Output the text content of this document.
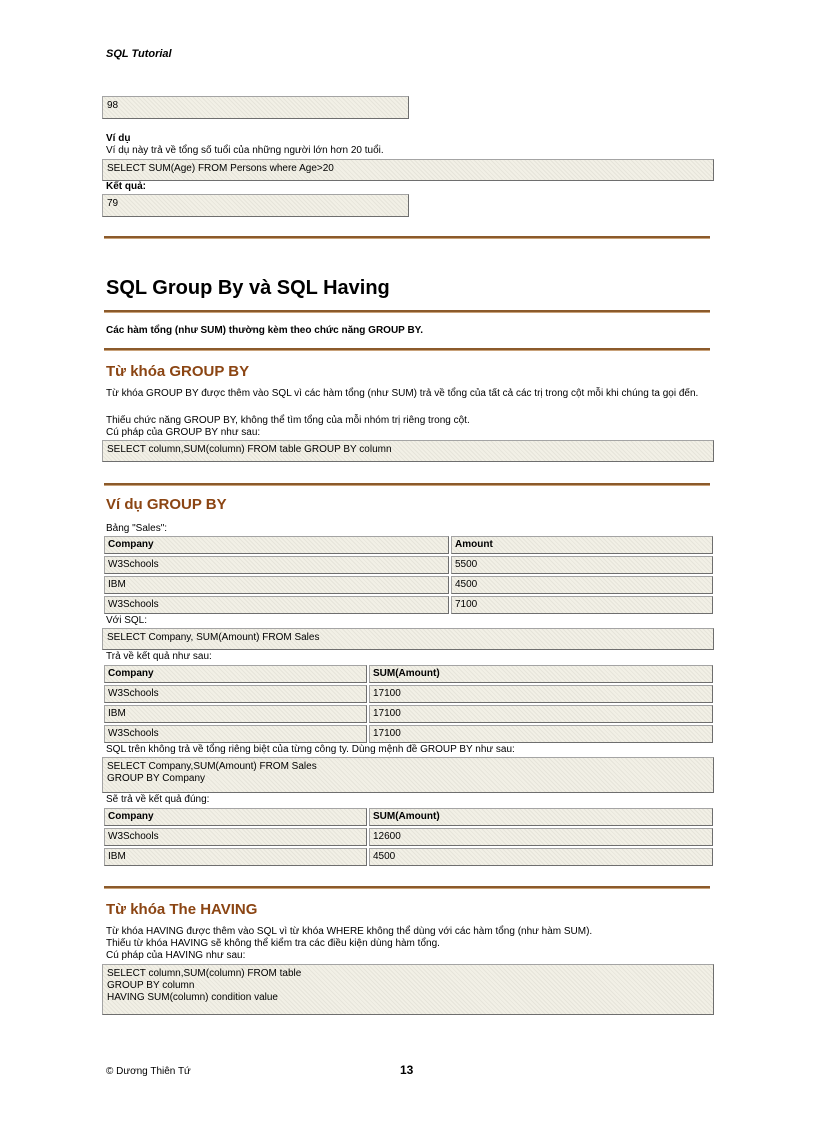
SQL Tutorial
98
Ví dụ
Ví dụ này trả về tổng số tuổi của những người lớn hơn 20 tuổi.
SELECT SUM(Age) FROM Persons where Age>20
Kết quả:
79
SQL Group By và SQL Having
Các hàm tổng (như SUM) thường kèm theo chức năng GROUP BY.
Từ khóa GROUP BY
Từ khóa GROUP BY được thêm vào SQL vì các hàm tổng (như SUM) trả về tổng của tất cả các trị trong cột mỗi khi chúng ta gọi đến.
Thiếu chức năng GROUP BY, không thể tìm tổng của mỗi nhóm trị riêng trong cột.
Cú pháp của GROUP BY như sau:
SELECT column,SUM(column) FROM table GROUP BY column
Ví dụ GROUP BY
Bảng "Sales":
Company	Amount
W3Schools	5500
IBM	4500
W3Schools	7100
Với SQL:
SELECT Company, SUM(Amount) FROM Sales
Trả về kết quả như sau:
Company	SUM(Amount)
W3Schools	17100
IBM	17100
W3Schools	17100
SQL trên không trả về tổng riêng biệt của từng công ty. Dùng mệnh đề GROUP BY như sau:
SELECT Company,SUM(Amount) FROM Sales
GROUP BY Company
Sẽ trả về kết quả đúng:
Company	SUM(Amount)
W3Schools	12600
IBM	4500
Từ khóa The HAVING
Từ khóa HAVING được thêm vào SQL vì từ khóa WHERE không thể dùng với các hàm tổng (như hàm SUM).
Thiếu từ khóa HAVING sẽ không thể kiểm tra các điều kiện dùng hàm tổng.
Cú pháp của HAVING như sau:
SELECT column,SUM(column) FROM table
GROUP BY column
HAVING SUM(column) condition value
© Dương Thiên Tứ	13
